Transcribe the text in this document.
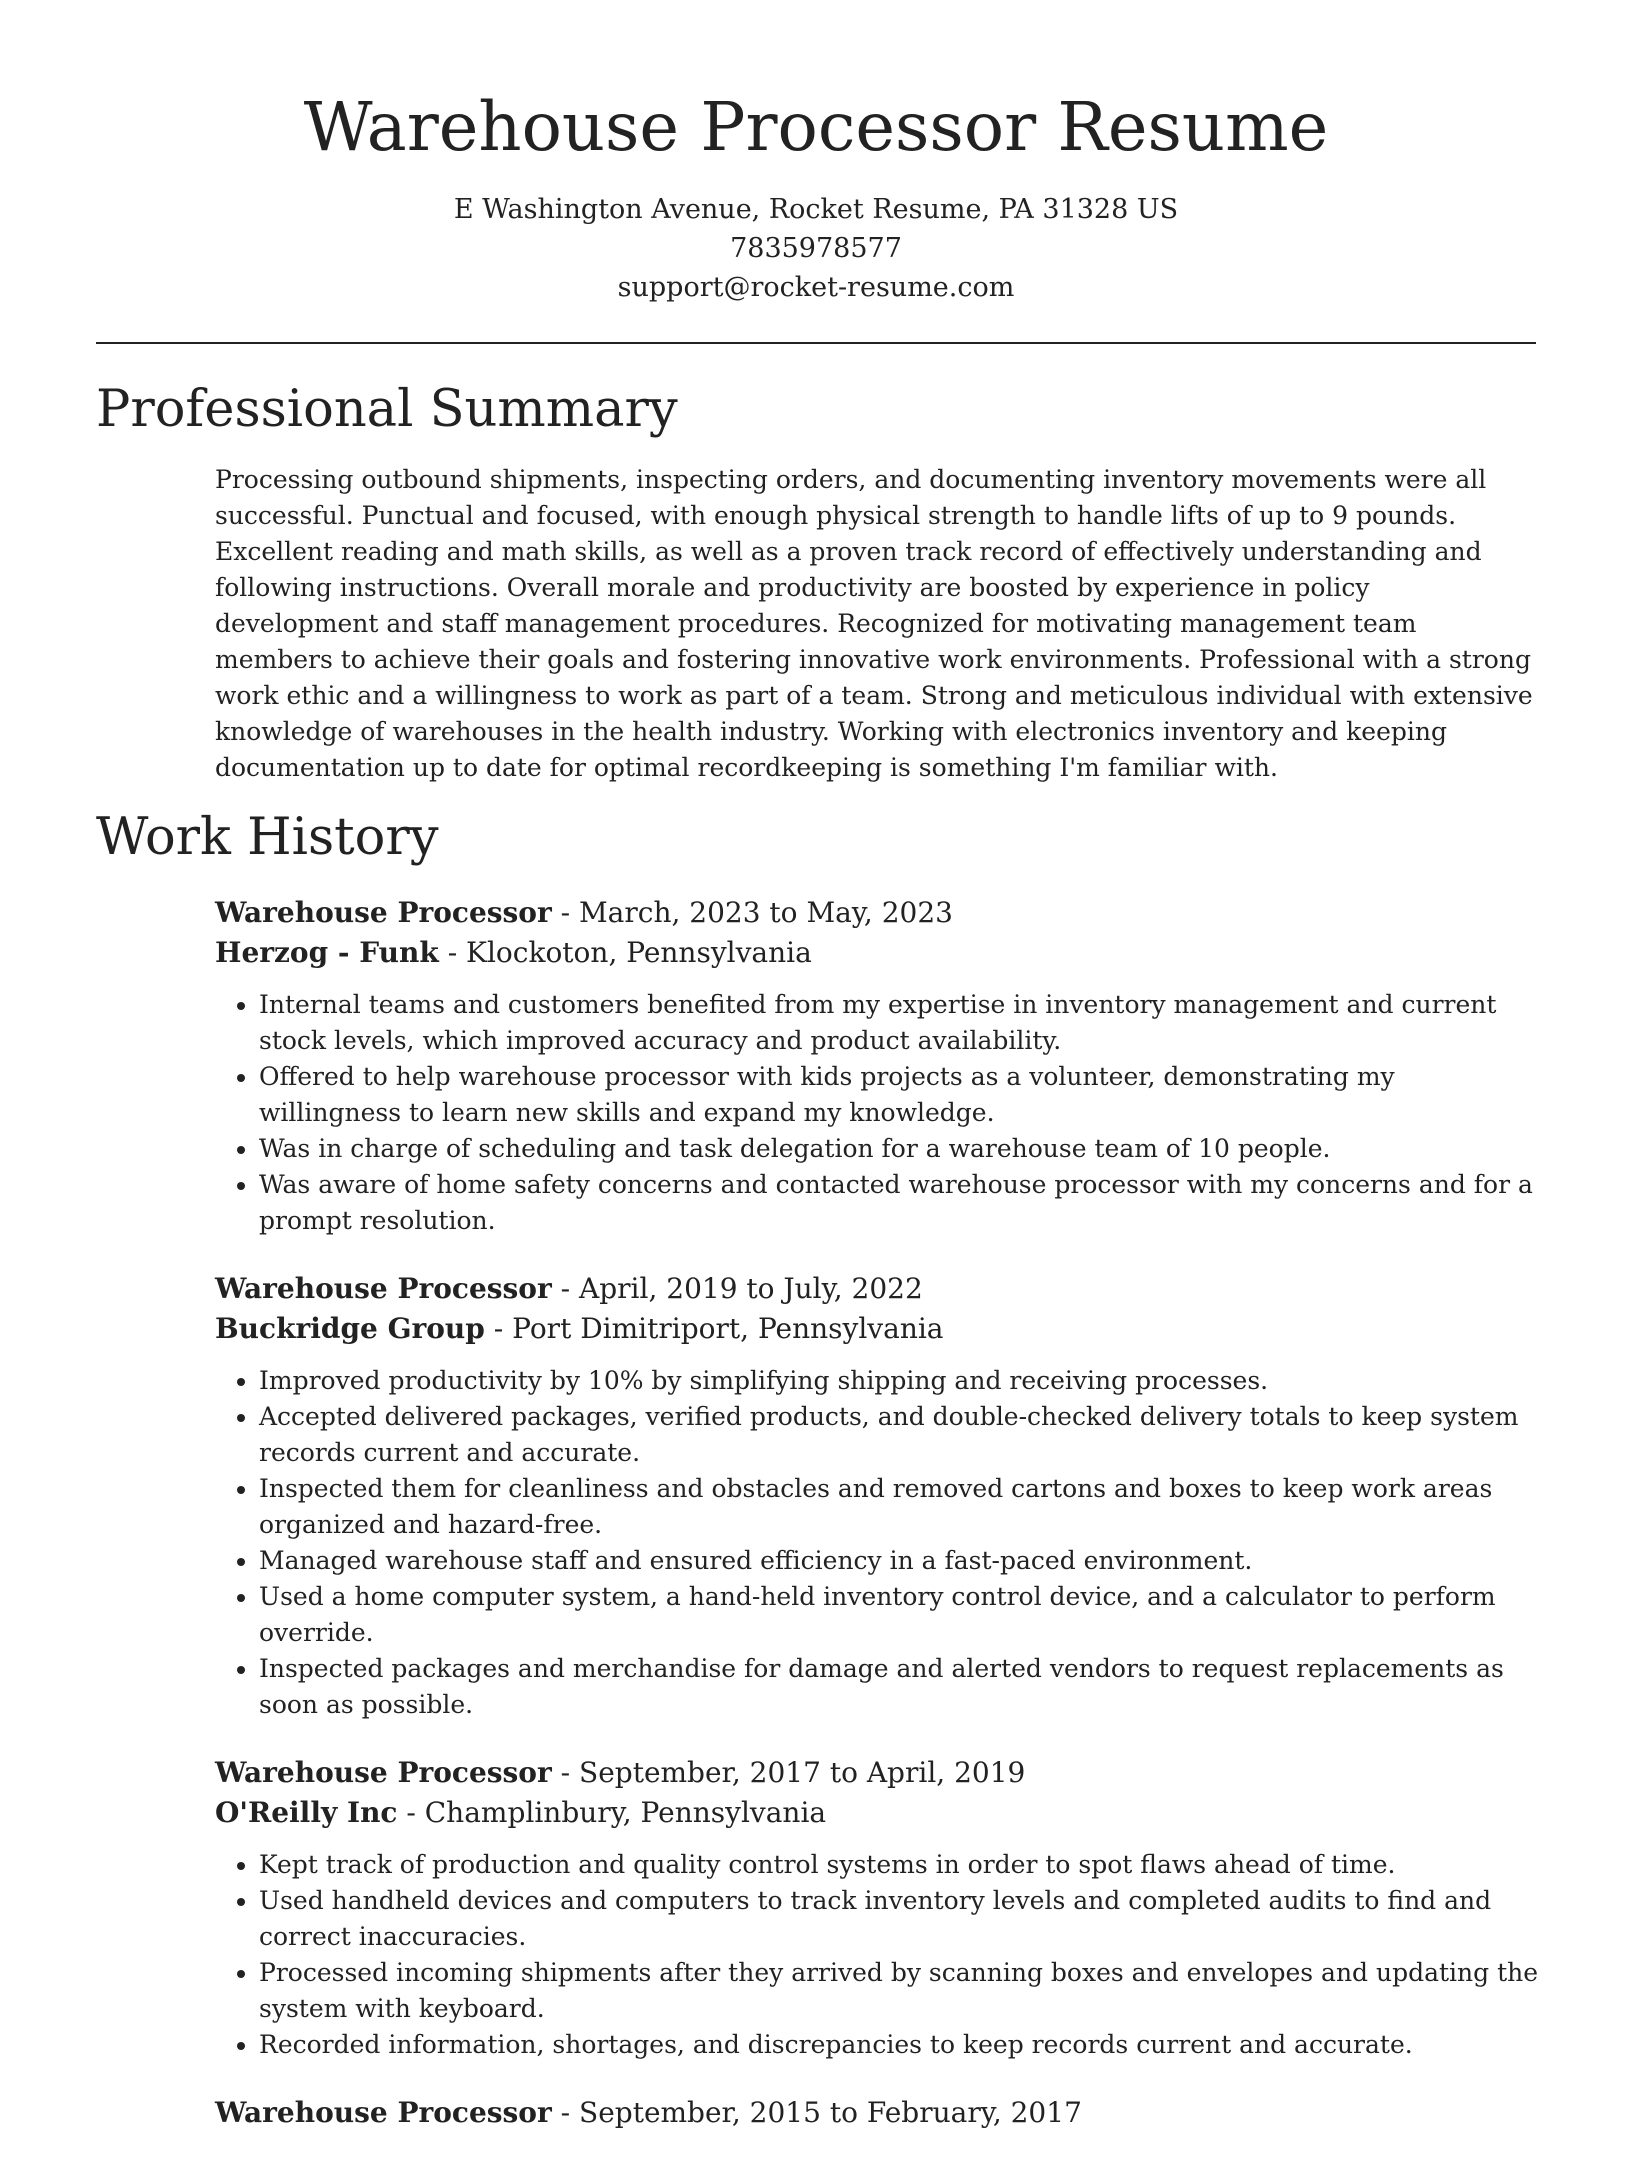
Warehouse Processor Resume
E Washington Avenue, Rocket Resume, PA 31328 US
7835978577
support@rocket-resume.com
Professional Summary

Processing outbound shipments, inspecting orders, and documenting inventory movements were all successful. Punctual and focused, with enough physical strength to handle lifts of up to 9 pounds. Excellent reading and math skills, as well as a proven track record of effectively understanding and following instructions. Overall morale and productivity are boosted by experience in policy development and staff management procedures. Recognized for motivating management team members to achieve their goals and fostering innovative work environments. Professional with a strong work ethic and a willingness to work as part of a team. Strong and meticulous individual with extensive knowledge of warehouses in the health industry. Working with electronics inventory and keeping documentation up to date for optimal recordkeeping is something I'm familiar with.

Work History
Warehouse Processor - March, 2023 to May, 2023
Herzog - Funk - Klockoton, Pennsylvania
• Internal teams and customers benefited from my expertise in inventory management and current stock levels, which improved accuracy and product availability.
• Offered to help warehouse processor with kids projects as a volunteer, demonstrating my willingness to learn new skills and expand my knowledge.
• Was in charge of scheduling and task delegation for a warehouse team of 10 people.
• Was aware of home safety concerns and contacted warehouse processor with my concerns and for a prompt resolution.
Warehouse Processor - April, 2019 to July, 2022
Buckridge Group - Port Dimitriport, Pennsylvania
• Improved productivity by 10% by simplifying shipping and receiving processes.
• Accepted delivered packages, verified products, and double-checked delivery totals to keep system records current and accurate.
• Inspected them for cleanliness and obstacles and removed cartons and boxes to keep work areas organized and hazard-free.
• Managed warehouse staff and ensured efficiency in a fast-paced environment.
• Used a home computer system, a hand-held inventory control device, and a calculator to perform override.
• Inspected packages and merchandise for damage and alerted vendors to request replacements as soon as possible.
Warehouse Processor - September, 2017 to April, 2019
O'Reilly Inc - Champlinbury, Pennsylvania
• Kept track of production and quality control systems in order to spot flaws ahead of time.
• Used handheld devices and computers to track inventory levels and completed audits to find and correct inaccuracies.
• Processed incoming shipments after they arrived by scanning boxes and envelopes and updating the system with keyboard.
• Recorded information, shortages, and discrepancies to keep records current and accurate.
Warehouse Processor - September, 2015 to February, 2017
